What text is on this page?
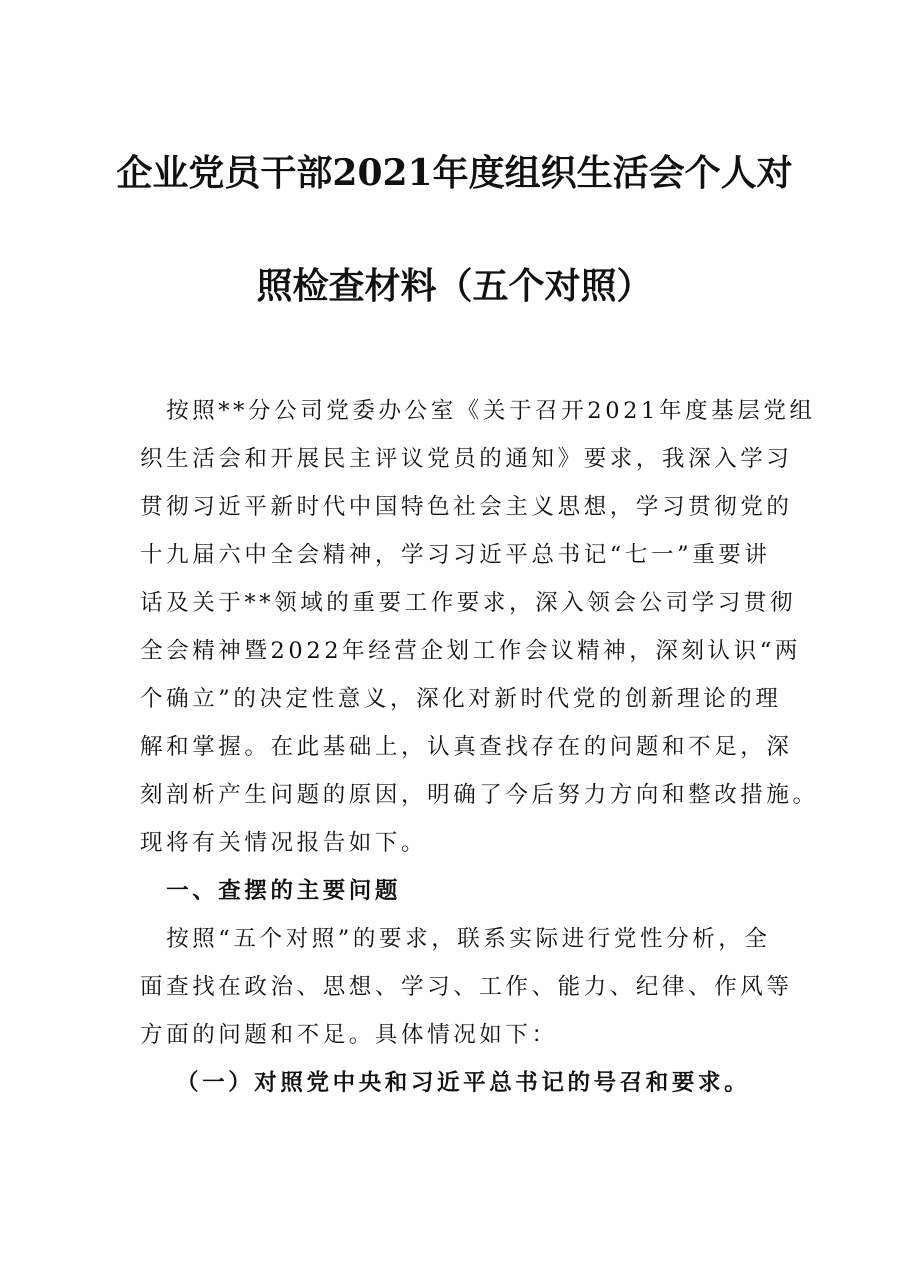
企业党员干部2021年度组织生活会个人对
照检查材料（五个对照）
　按照**分公司党委办公室《关于召开2021年度基层党组
织生活会和开展民主评议党员的通知》要求，我深入学习
贯彻习近平新时代中国特色社会主义思想，学习贯彻党的
十九届六中全会精神，学习习近平总书记“七一”重要讲
话及关于**领域的重要工作要求，深入领会公司学习贯彻
全会精神暨2022年经营企划工作会议精神，深刻认识“两
个确立”的决定性意义，深化对新时代党的创新理论的理
解和掌握。在此基础上，认真查找存在的问题和不足，深
刻剖析产生问题的原因，明确了今后努力方向和整改措施。
现将有关情况报告如下。
　一、查摆的主要问题
　按照“五个对照”的要求，联系实际进行党性分析，全
面查找在政治、思想、学习、工作、能力、纪律、作风等
方面的问题和不足。具体情况如下：
（一）对照党中央和习近平总书记的号召和要求。
